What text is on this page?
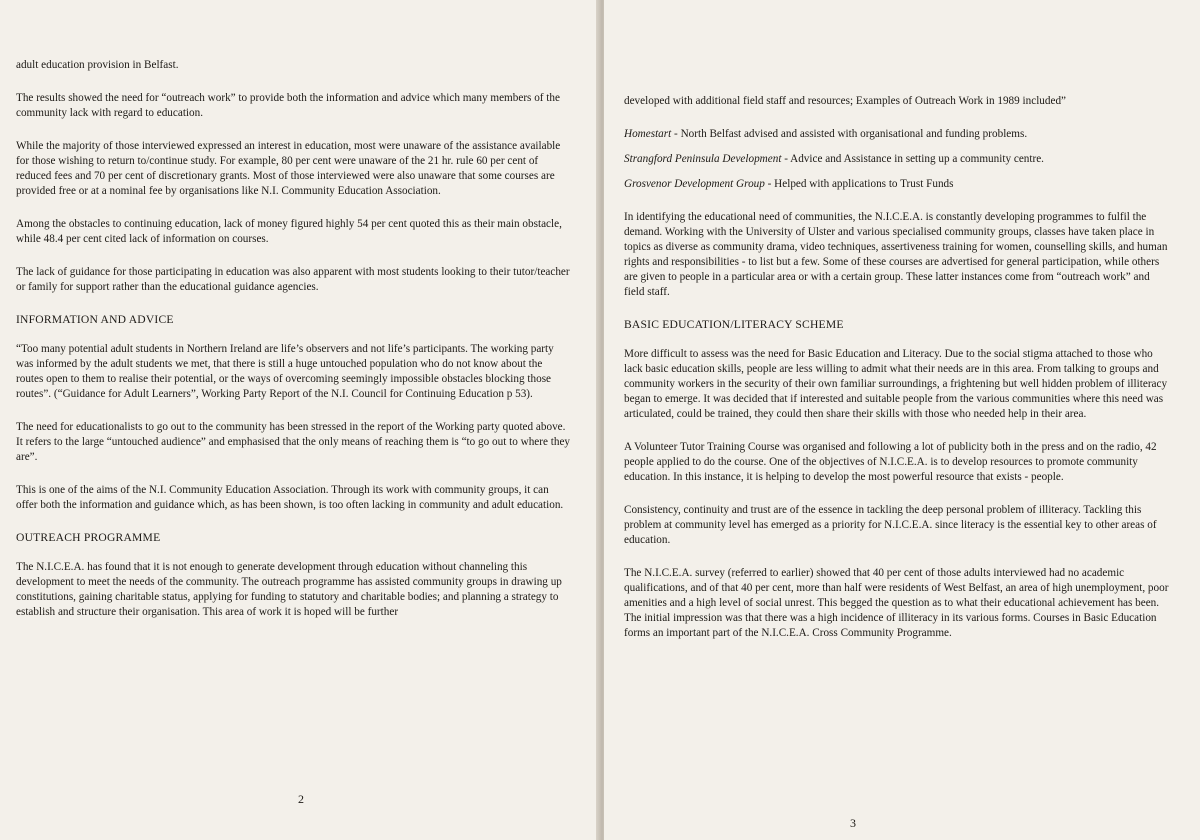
adult education provision in Belfast.

The results showed the need for “outreach work” to provide both the information and advice which many members of the community lack with regard to education.

While the majority of those interviewed expressed an interest in education, most were unaware of the assistance available for those wishing to return to/continue study. For example, 80 per cent were unaware of the 21 hr. rule 60 per cent of reduced fees and 70 per cent of discretionary grants. Most of those interviewed were also unaware that some courses are provided free or at a nominal fee by organisations like N.I. Community Education Association.

Among the obstacles to continuing education, lack of money figured highly 54 per cent quoted this as their main obstacle, while 48.4 per cent cited lack of information on courses.

The lack of guidance for those participating in education was also apparent with most students looking to their tutor/teacher or family for support rather than the educational guidance agencies.

INFORMATION AND ADVICE

“Too many potential adult students in Northern Ireland are life’s observers and not life’s participants. The working party was informed by the adult students we met, that there is still a huge untouched population who do not know about the routes open to them to realise their potential, or the ways of overcoming seemingly impossible obstacles blocking those routes”. (“Guidance for Adult Learners”, Working Party Report of the N.I. Council for Continuing Education p 53).

The need for educationalists to go out to the community has been stressed in the report of the Working party quoted above. It refers to the large “untouched audience” and emphasised that the only means of reaching them is “to go out to where they are”.

This is one of the aims of the N.I. Community Education Association. Through its work with community groups, it can offer both the information and guidance which, as has been shown, is too often lacking in community and adult education.

OUTREACH PROGRAMME

The N.I.C.E.A. has found that it is not enough to generate development through education without channeling this development to meet the needs of the community. The outreach programme has assisted community groups in drawing up constitutions, gaining charitable status, applying for funding to statutory and charitable bodies; and planning a strategy to establish and structure their organisation. This area of work it is hoped will be further

2

developed with additional field staff and resources; Examples of Outreach Work in 1989 included”

Homestart - North Belfast advised and assisted with organisational and funding problems.

Strangford Peninsula Development - Advice and Assistance in setting up a community centre.

Grosvenor Development Group - Helped with applications to Trust Funds

In identifying the educational need of communities, the N.I.C.E.A. is constantly developing programmes to fulfil the demand. Working with the University of Ulster and various specialised community groups, classes have taken place in topics as diverse as community drama, video techniques, assertiveness training for women, counselling skills, and human rights and responsibilities - to list but a few. Some of these courses are advertised for general participation, while others are given to people in a particular area or with a certain group. These latter instances come from “outreach work” and field staff.

BASIC EDUCATION/LITERACY SCHEME

More difficult to assess was the need for Basic Education and Literacy. Due to the social stigma attached to those who lack basic education skills, people are less willing to admit what their needs are in this area. From talking to groups and community workers in the security of their own familiar surroundings, a frightening but well hidden problem of illiteracy began to emerge. It was decided that if interested and suitable people from the various communities where this need was articulated, could be trained, they could then share their skills with those who needed help in their area.

A Volunteer Tutor Training Course was organised and following a lot of publicity both in the press and on the radio, 42 people applied to do the course. One of the objectives of N.I.C.E.A. is to develop resources to promote community education. In this instance, it is helping to develop the most powerful resource that exists - people.

Consistency, continuity and trust are of the essence in tackling the deep personal problem of illiteracy. Tackling this problem at community level has emerged as a priority for N.I.C.E.A. since literacy is the essential key to other areas of education.

The N.I.C.E.A. survey (referred to earlier) showed that 40 per cent of those adults interviewed had no academic qualifications, and of that 40 per cent, more than half were residents of West Belfast, an area of high unemployment, poor amenities and a high level of social unrest. This begged the question as to what their educational achievement has been. The initial impression was that there was a high incidence of illiteracy in its various forms. Courses in Basic Education forms an important part of the N.I.C.E.A. Cross Community Programme.

3
